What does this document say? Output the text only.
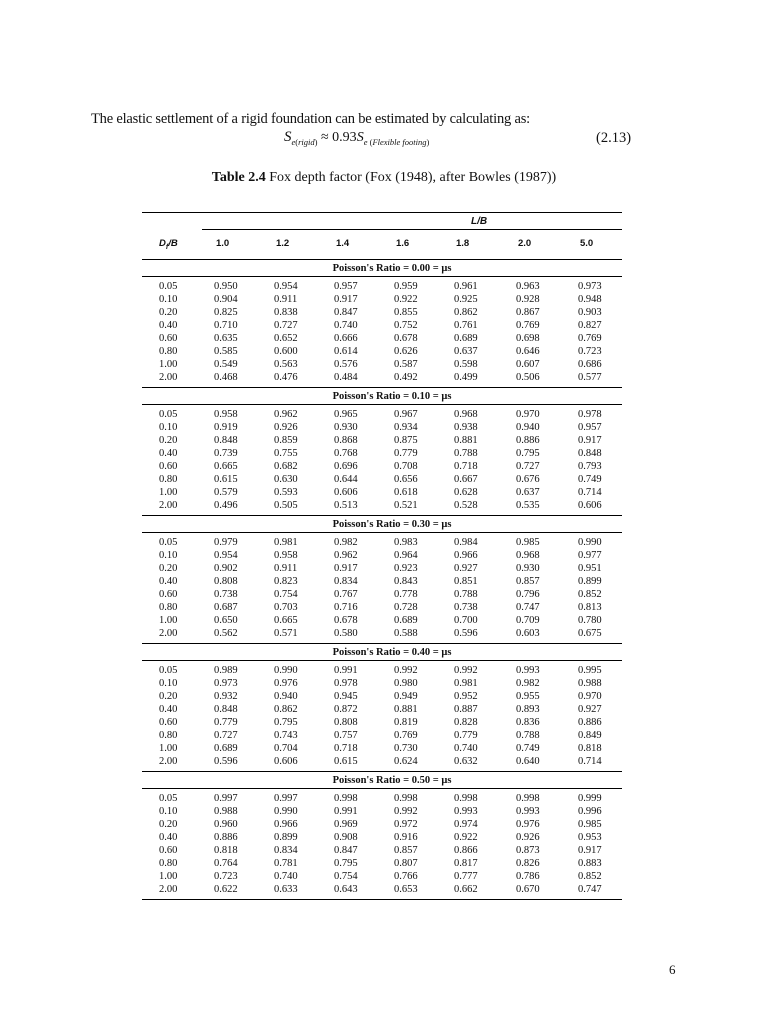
The elastic settlement of a rigid foundation can be estimated by calculating as:
$S_{e(rigid)} \approx 0.93S_{e (Flexible footing)}$	(2.13)
Table 2.4 Fox depth factor (Fox (1948), after Bowles (1987))
L/B
$D_f/B$	1.0	1.2	1.4	1.6	1.8	2.0	5.0
Poisson's Ratio = 0.00 = μs
0.05	0.950	0.954	0.957	0.959	0.961	0.963	0.973
0.10	0.904	0.911	0.917	0.922	0.925	0.928	0.948
0.20	0.825	0.838	0.847	0.855	0.862	0.867	0.903
0.40	0.710	0.727	0.740	0.752	0.761	0.769	0.827
0.60	0.635	0.652	0.666	0.678	0.689	0.698	0.769
0.80	0.585	0.600	0.614	0.626	0.637	0.646	0.723
1.00	0.549	0.563	0.576	0.587	0.598	0.607	0.686
2.00	0.468	0.476	0.484	0.492	0.499	0.506	0.577
Poisson's Ratio = 0.10 = μs
0.05	0.958	0.962	0.965	0.967	0.968	0.970	0.978
0.10	0.919	0.926	0.930	0.934	0.938	0.940	0.957
0.20	0.848	0.859	0.868	0.875	0.881	0.886	0.917
0.40	0.739	0.755	0.768	0.779	0.788	0.795	0.848
0.60	0.665	0.682	0.696	0.708	0.718	0.727	0.793
0.80	0.615	0.630	0.644	0.656	0.667	0.676	0.749
1.00	0.579	0.593	0.606	0.618	0.628	0.637	0.714
2.00	0.496	0.505	0.513	0.521	0.528	0.535	0.606
Poisson's Ratio = 0.30 = μs
0.05	0.979	0.981	0.982	0.983	0.984	0.985	0.990
0.10	0.954	0.958	0.962	0.964	0.966	0.968	0.977
0.20	0.902	0.911	0.917	0.923	0.927	0.930	0.951
0.40	0.808	0.823	0.834	0.843	0.851	0.857	0.899
0.60	0.738	0.754	0.767	0.778	0.788	0.796	0.852
0.80	0.687	0.703	0.716	0.728	0.738	0.747	0.813
1.00	0.650	0.665	0.678	0.689	0.700	0.709	0.780
2.00	0.562	0.571	0.580	0.588	0.596	0.603	0.675
Poisson's Ratio = 0.40 = μs
0.05	0.989	0.990	0.991	0.992	0.992	0.993	0.995
0.10	0.973	0.976	0.978	0.980	0.981	0.982	0.988
0.20	0.932	0.940	0.945	0.949	0.952	0.955	0.970
0.40	0.848	0.862	0.872	0.881	0.887	0.893	0.927
0.60	0.779	0.795	0.808	0.819	0.828	0.836	0.886
0.80	0.727	0.743	0.757	0.769	0.779	0.788	0.849
1.00	0.689	0.704	0.718	0.730	0.740	0.749	0.818
2.00	0.596	0.606	0.615	0.624	0.632	0.640	0.714
Poisson's Ratio = 0.50 = μs
0.05	0.997	0.997	0.998	0.998	0.998	0.998	0.999
0.10	0.988	0.990	0.991	0.992	0.993	0.993	0.996
0.20	0.960	0.966	0.969	0.972	0.974	0.976	0.985
0.40	0.886	0.899	0.908	0.916	0.922	0.926	0.953
0.60	0.818	0.834	0.847	0.857	0.866	0.873	0.917
0.80	0.764	0.781	0.795	0.807	0.817	0.826	0.883
1.00	0.723	0.740	0.754	0.766	0.777	0.786	0.852
2.00	0.622	0.633	0.643	0.653	0.662	0.670	0.747
6
